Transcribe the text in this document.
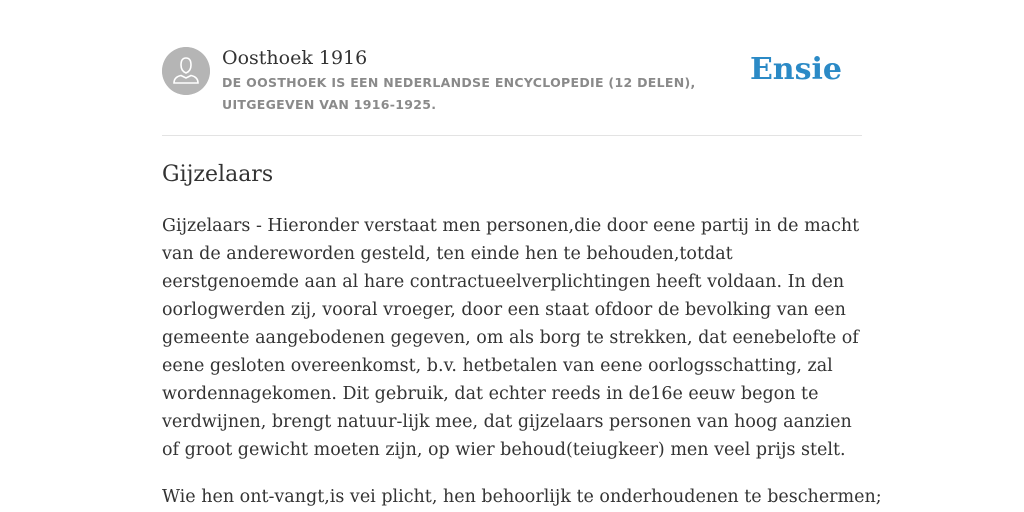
Oosthoek 1916

DE OOSTHOEK IS EEN NEDERLANDSE ENCYCLOPEDIE (12 DELEN), UITGEGEVEN VAN 1916-1925.

Ensie
Gijzelaars

Gijzelaars - Hieronder verstaat men personen,die door eene partij in de macht van de andereworden gesteld, ten einde hen te behouden,totdat eerstgenoemde aan al hare contractueelverplichtingen heeft voldaan. In den oorlogwerden zij, vooral vroeger, door een staat ofdoor de bevolking van een gemeente aangebodenen gegeven, om als borg te strekken, dat eenebelofte of eene gesloten overeenkomst, b.v. hetbetalen van eene oorlogsschatting, zal wordennagekomen. Dit gebruik, dat echter reeds in de16e eeuw begon te verdwijnen, brengt natuur-lijk mee, dat gijzelaars personen van hoog aanzien of groot gewicht moeten zijn, op wier behoud(teiugkeer) men veel prijs stelt.

Wie hen ont-vangt,is vei plicht, hen behoorlijk te onderhoudenen te beschermen;
